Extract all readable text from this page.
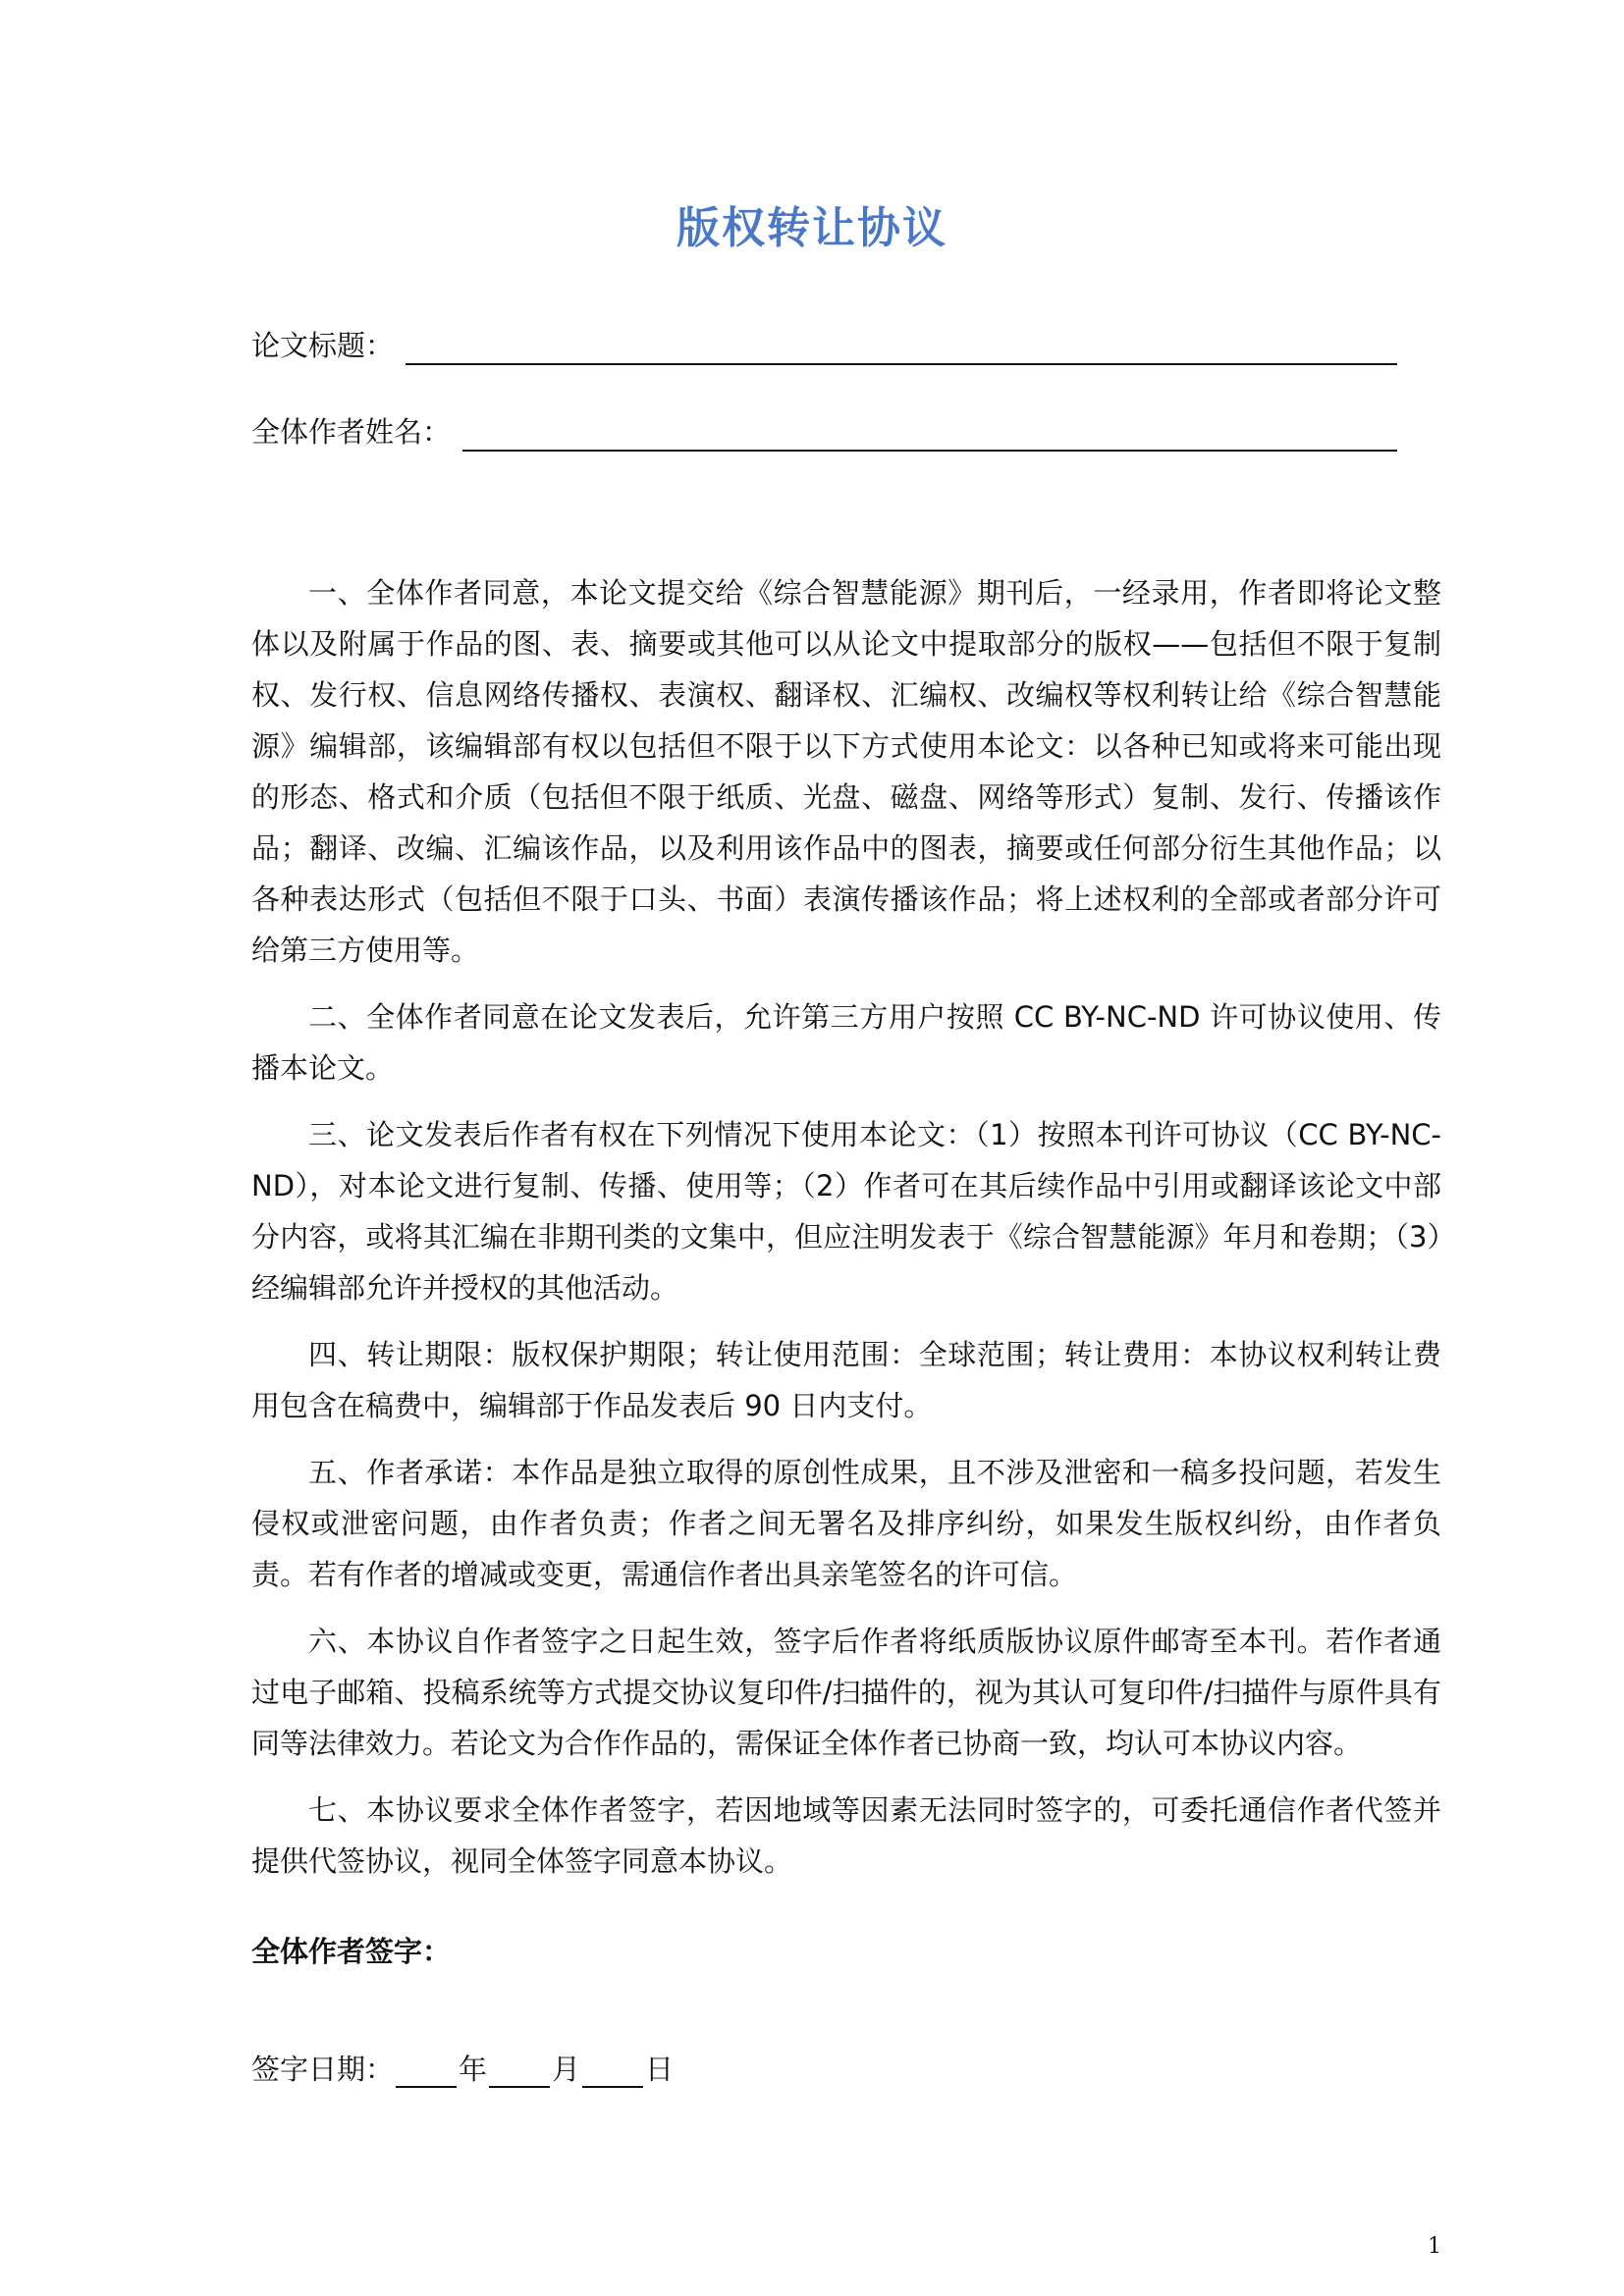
版权转让协议
论文标题：
全体作者姓名：

一、全体作者同意，本论文提交给《综合智慧能源》期刊后，一经录用，作者即将论文整体以及附属于作品的图、表、摘要或其他可以从论文中提取部分的版权——包括但不限于复制权、发行权、信息网络传播权、表演权、翻译权、汇编权、改编权等权利转让给《综合智慧能源》编辑部，该编辑部有权以包括但不限于以下方式使用本论文：以各种已知或将来可能出现的形态、格式和介质（包括但不限于纸质、光盘、磁盘、网络等形式）复制、发行、传播该作品；翻译、改编、汇编该作品，以及利用该作品中的图表，摘要或任何部分衍生其他作品；以各种表达形式（包括但不限于口头、书面）表演传播该作品；将上述权利的全部或者部分许可给第三方使用等。

二、全体作者同意在论文发表后，允许第三方用户按照 CC BY-NC-ND 许可协议使用、传播本论文。

三、论文发表后作者有权在下列情况下使用本论文：（1）按照本刊许可协议（CC BY-NC-ND），对本论文进行复制、传播、使用等；（2）作者可在其后续作品中引用或翻译该论文中部分内容，或将其汇编在非期刊类的文集中，但应注明发表于《综合智慧能源》年月和卷期；（3）经编辑部允许并授权的其他活动。

四、转让期限：版权保护期限；转让使用范围：全球范围；转让费用：本协议权利转让费用包含在稿费中，编辑部于作品发表后 90 日内支付。

五、作者承诺：本作品是独立取得的原创性成果，且不涉及泄密和一稿多投问题，若发生侵权或泄密问题，由作者负责；作者之间无署名及排序纠纷，如果发生版权纠纷，由作者负责。若有作者的增减或变更，需通信作者出具亲笔签名的许可信。

六、本协议自作者签字之日起生效，签字后作者将纸质版协议原件邮寄至本刊。若作者通过电子邮箱、投稿系统等方式提交协议复印件/扫描件的，视为其认可复印件/扫描件与原件具有同等法律效力。若论文为合作作品的，需保证全体作者已协商一致，均认可本协议内容。

七、本协议要求全体作者签字，若因地域等因素无法同时签字的，可委托通信作者代签并提供代签协议，视同全体签字同意本协议。

全体作者签字：
签字日期： 年 月 日
1
